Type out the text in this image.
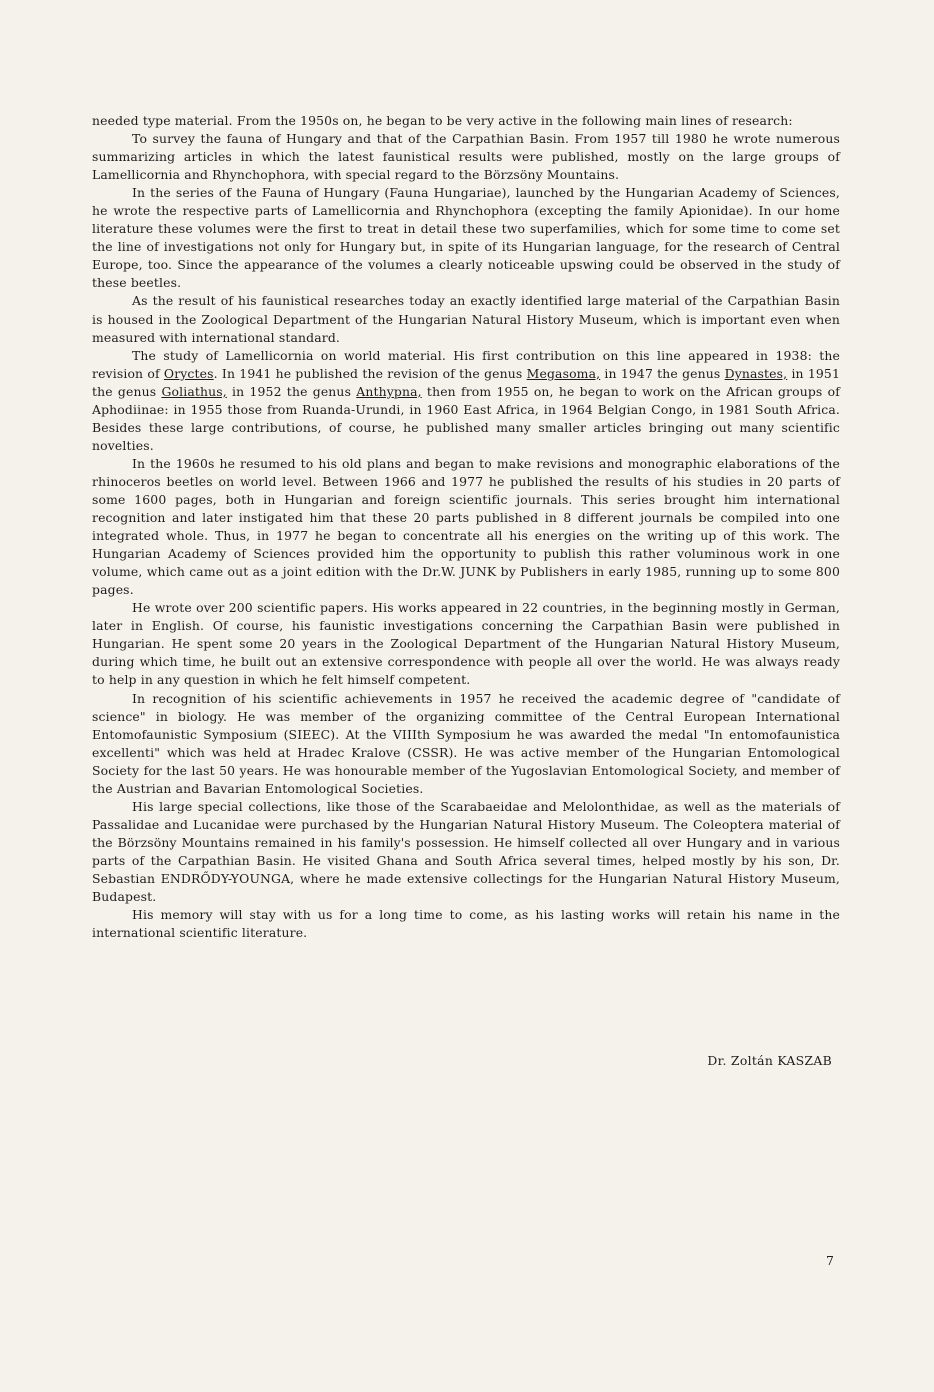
needed type material. From the 1950s on, he began to be very active in the following main lines of research:

To survey the fauna of Hungary and that of the Carpathian Basin. From 1957 till 1980 he wrote numerous summarizing articles in which the latest faunistical results were published, mostly on the large groups of Lamellicornia and Rhynchophora, with special regard to the Börzsöny Mountains.

In the series of the Fauna of Hungary (Fauna Hungariae), launched by the Hungarian Academy of Sciences, he wrote the respective parts of Lamellicornia and Rhynchophora (excepting the family Apionidae). In our home literature these volumes were the first to treat in detail these two superfamilies, which for some time to come set the line of investigations not only for Hungary but, in spite of its Hungarian language, for the research of Central Europe, too. Since the appearance of the volumes a clearly noticeable upswing could be observed in the study of these beetles.

As the result of his faunistical researches today an exactly identified large material of the Carpathian Basin is housed in the Zoological Department of the Hungarian Natural History Museum, which is important even when measured with international standard.

The study of Lamellicornia on world material. His first contribution on this line appeared in 1938: the revision of Oryctes. In 1941 he published the revision of the genus Megasoma, in 1947 the genus Dynastes, in 1951 the genus Goliathus, in 1952 the genus Anthypna, then from 1955 on, he began to work on the African groups of Aphodiinae: in 1955 those from Ruanda-Urundi, in 1960 East Africa, in 1964 Belgian Congo, in 1981 South Africa. Besides these large contributions, of course, he published many smaller articles bringing out many scientific novelties.

In the 1960s he resumed to his old plans and began to make revisions and monographic elaborations of the rhinoceros beetles on world level. Between 1966 and 1977 he published the results of his studies in 20 parts of some 1600 pages, both in Hungarian and foreign scientific journals. This series brought him international recognition and later instigated him that these 20 parts published in 8 different journals be compiled into one integrated whole. Thus, in 1977 he began to concentrate all his energies on the writing up of this work. The Hungarian Academy of Sciences provided him the opportunity to publish this rather voluminous work in one volume, which came out as a joint edition with the Dr.W. JUNK by Publishers in early 1985, running up to some 800 pages.

He wrote over 200 scientific papers. His works appeared in 22 countries, in the beginning mostly in German, later in English. Of course, his faunistic investigations concerning the Carpathian Basin were published in Hungarian. He spent some 20 years in the Zoological Department of the Hungarian Natural History Museum, during which time, he built out an extensive correspondence with people all over the world. He was always ready to help in any question in which he felt himself competent.

In recognition of his scientific achievements in 1957 he received the academic degree of "candidate of science" in biology. He was member of the organizing committee of the Central European International Entomofaunistic Symposium (SIEEC). At the VIIIth Symposium he was awarded the medal "In entomofaunistica excellenti" which was held at Hradec Kralove (CSSR). He was active member of the Hungarian Entomological Society for the last 50 years. He was honourable member of the Yugoslavian Entomological Society, and member of the Austrian and Bavarian Entomological Societies.

His large special collections, like those of the Scarabaeidae and Melolonthidae, as well as the materials of Passalidae and Lucanidae were purchased by the Hungarian Natural History Museum. The Coleoptera material of the Börzsöny Mountains remained in his family's possession. He himself collected all over Hungary and in various parts of the Carpathian Basin. He visited Ghana and South Africa several times, helped mostly by his son, Dr. Sebastian ENDRŐDY-YOUNGA, where he made extensive collectings for the Hungarian Natural History Museum, Budapest.

His memory will stay with us for a long time to come, as his lasting works will retain his name in the international scientific literature.

Dr. Zoltán KASZAB
7
